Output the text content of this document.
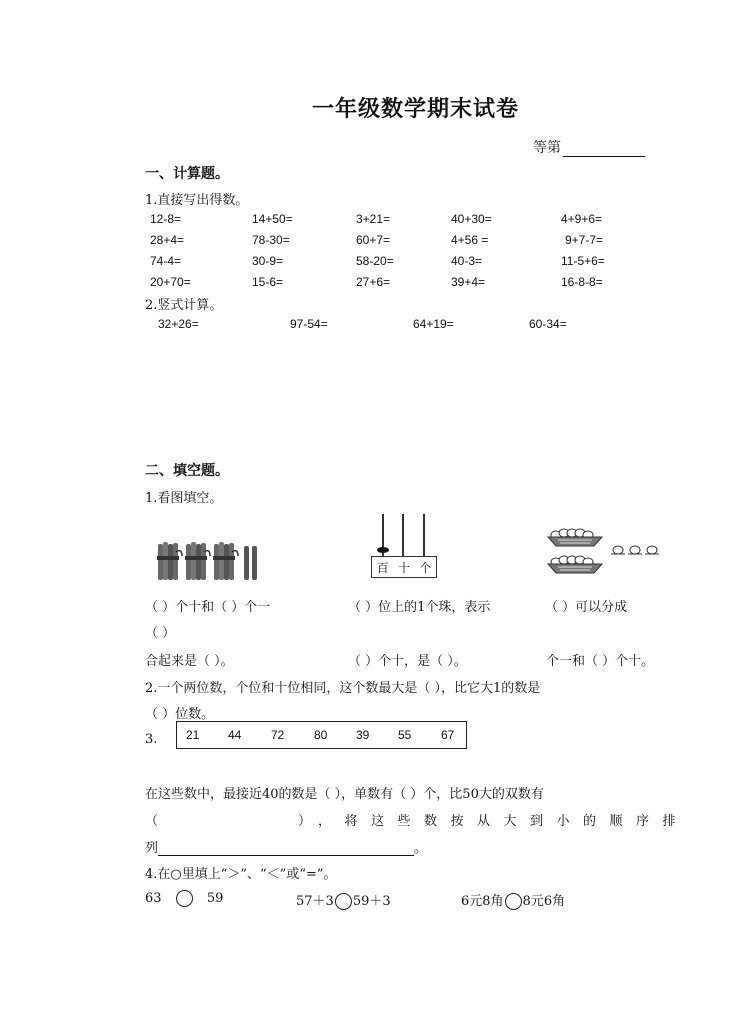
一年级数学期末试卷
等第
一、计算题。
1.直接写出得数。
12-8=	14+50=	3+21=	40+30=	4+9+6=
28+4=	78-30=	60+7=	4+56 =	9+7-7=
74-4=	30-9=	58-20=	40-3=	11-5+6=
20+70=	15-6=	27+6=	39+4=	16-8-8=
2.竖式计算。
32+26=	97-54=	64+19=	60-34=
二、填空题。
1.看图填空。
百 十 个
（ ）个十和（ ）个一	（ ）位上的1个珠，表示	（ ）可以分成
（ ）
合起来是（ ）。	（ ）个十，是（ ）。	个一和（ ）个十。
2.一个两位数，个位和十位相同，这个数最大是（ ），比它大1的数是
（ ）位数。
3. 21 44 72 80 39 55 67
在这些数中，最接近40的数是（ ），单数有（ ）个，比50大的双数有
（	），将这些数按从大到小的顺序排
列	。
4.在○里填上“＞”、“＜”或“=”。
63	59	57＋3 59＋3	6元8角 8元6角
